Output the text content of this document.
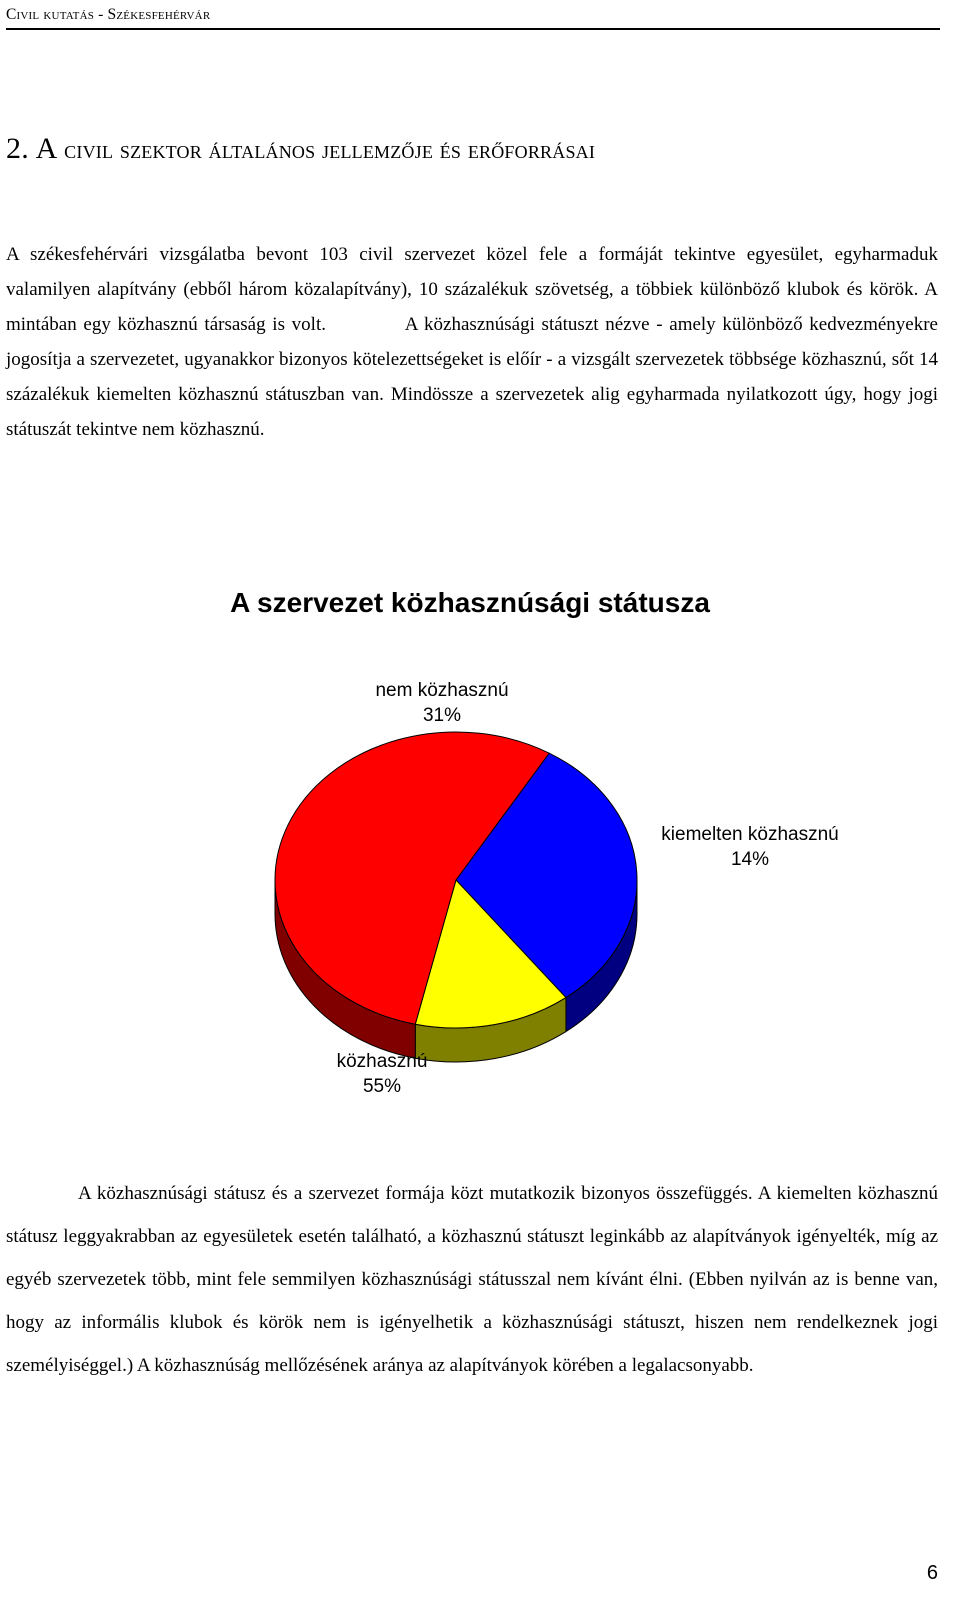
Civil kutatás - Székesfehérvár
2. A civil szektor általános jellemzője és erőforrásai

A székesfehérvári vizsgálatba bevont 103 civil szervezet közel fele a formáját tekintve egyesület, egyharmaduk valamilyen alapítvány (ebből három közalapítvány), 10 százalékuk szövetség, a többiek különböző klubok és körök. A mintában egy közhasznú társaság is volt.	A közhasznúsági státuszt nézve - amely különböző kedvezményekre jogosítja a szervezetet, ugyanakkor bizonyos kötelezettségeket is előír - a vizsgált szervezetek többsége közhasznú, sőt 14 százalékuk kiemelten közhasznú státuszban van. Mindössze a szervezetek alig egyharmada nyilatkozott úgy, hogy jogi státuszát tekintve nem közhasznú.

A szervezet közhasznúsági státusza
nem közhasznú
31%
kiemelten közhasznú
14%
közhasznú
55%

A közhasznúsági státusz és a szervezet formája közt mutatkozik bizonyos összefüggés. A kiemelten közhasznú státusz leggyakrabban az egyesületek esetén található, a közhasznú státuszt leginkább az alapítványok igényelték, míg az egyéb szervezetek több, mint fele semmilyen közhasznúsági státusszal nem kívánt élni. (Ebben nyilván az is benne van, hogy az informális klubok és körök nem is igényelhetik a közhasznúsági státuszt, hiszen nem rendelkeznek jogi személyiséggel.) A közhasznúság mellőzésének aránya az alapítványok körében a legalacsonyabb.

6
